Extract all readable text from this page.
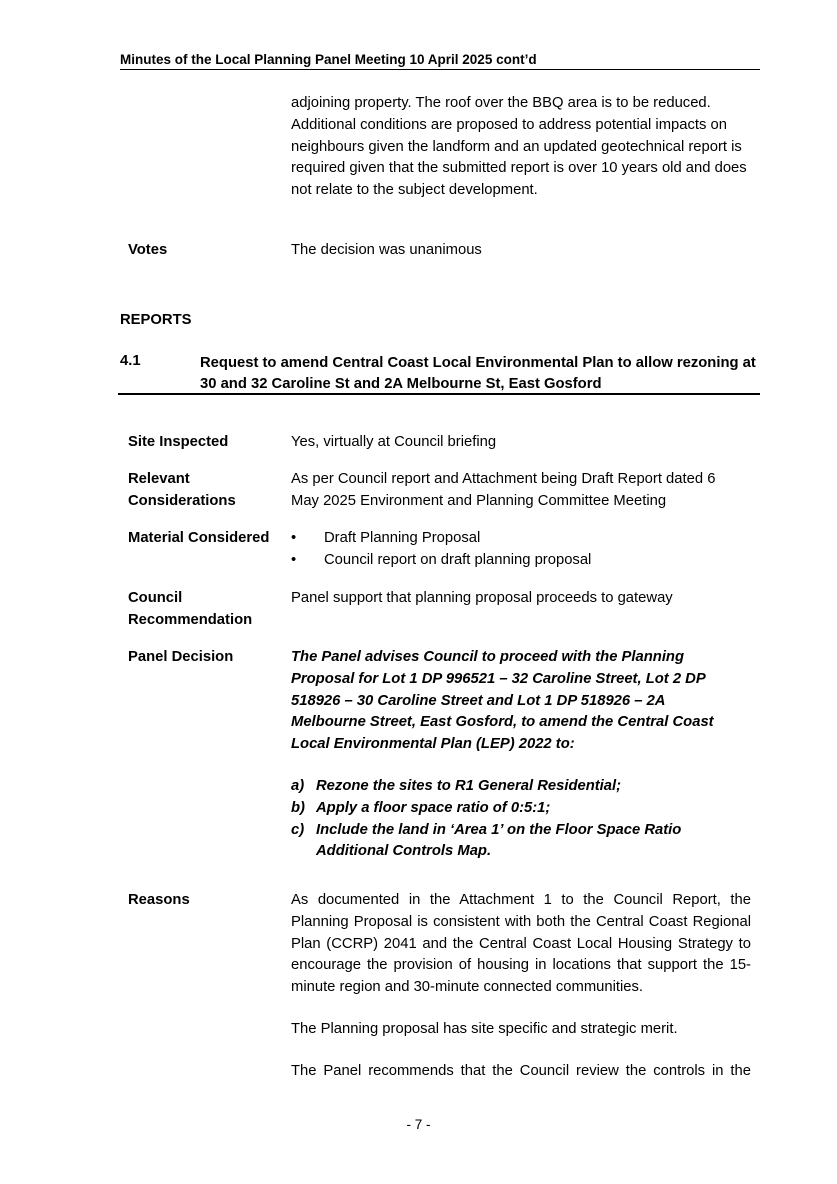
Minutes of the Local Planning Panel Meeting 10 April 2025 cont’d

adjoining property. The roof over the BBQ area is to be reduced. Additional conditions are proposed to address potential impacts on neighbours given the landform and an updated geotechnical report is required given that the submitted report is over 10 years old and does not relate to the subject development.

Votes	The decision was unanimous
REPORTS
4.1	Request to amend Central Coast Local Environmental Plan to allow rezoning at 30 and 32 Caroline St and 2A Melbourne St, East Gosford
Site Inspected	Yes, virtually at Council briefing
Relevant
Considerations
As per Council report and Attachment being Draft Report dated 6 May 2025 Environment and Planning Committee Meeting
Material Considered
•	Draft Planning Proposal
• Council report on draft planning proposal
Council
Recommendation
Panel support that planning proposal proceeds to gateway
Panel Decision	The Panel advises Council to proceed with the Planning Proposal for Lot 1 DP 996521 – 32 Caroline Street, Lot 2 DP 518926 – 30 Caroline Street and Lot 1 DP 518926 – 2A Melbourne Street, East Gosford, to amend the Central Coast Local Environmental Plan (LEP) 2022 to:

a) Rezone the sites to R1 General Residential;
b) Apply a floor space ratio of 0:5:1;
c) Include the land in ‘Area 1’ on the Floor Space Ratio Additional Controls Map.
Reasons	As documented in the Attachment 1 to the Council Report, the Planning Proposal is consistent with both the Central Coast Regional Plan (CCRP) 2041 and the Central Coast Local Housing Strategy to encourage the provision of housing in locations that support the 15-minute region and 30-minute connected communities.

The Planning proposal has site specific and strategic merit.

The Panel recommends that the Council review the controls in the

- 7 -
